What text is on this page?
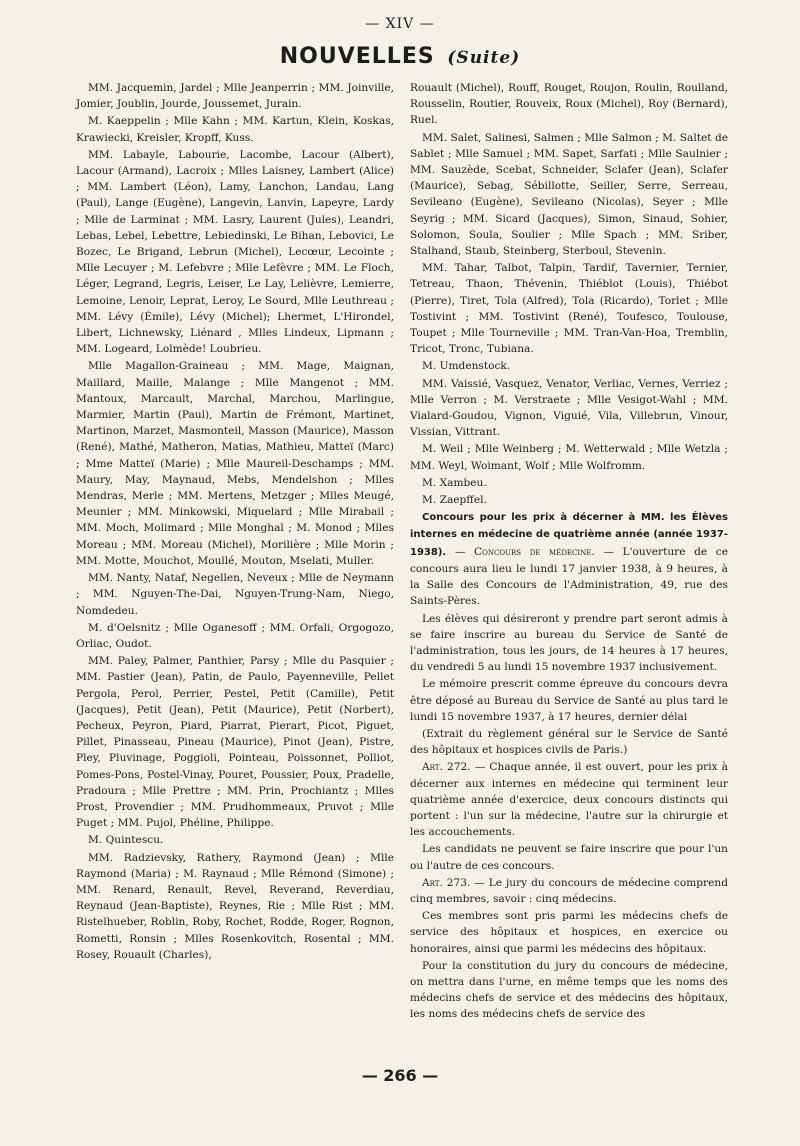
— XIV —
NOUVELLES (Suite)

MM. Jacquemin, Jardel ; Mlle Jeanperrin ; MM. Joinville, Jomier, Joublin, Jourde, Joussemet, Jurain.

M. Kaeppelin ; Mlle Kahn ; MM. Kartun, Klein, Koskas, Krawiecki, Kreisler, Kropff, Kuss.

MM. Labayle, Labourie, Lacombe, Lacour (Albert), Lacour (Armand), Lacroix ; Mlles Laisney, Lambert (Alice) ; MM. Lambert (Léon), Lamy, Lanchon, Landau, Lang (Paul), Lange (Eugène), Langevin, Lanvin, Lapeyre, Lardy ; Mlle de Larminat ; MM. Lasry, Laurent (Jules), Leandri, Lebas, Lebel, Lebettre, Lebiedinski, Le Bihan, Lebovici, Le Bozec, Le Brigand, Lebrun (Michel), Lecœur, Lecointe ; Mlle Lecuyer ; M. Lefebvre ; Mlle Lefèvre ; MM. Le Floch, Léger, Legrand, Legris, Leiser, Le Lay, Lelièvre, Lemierre, Lemoine, Lenoir, Leprat, Leroy, Le Sourd, Mlle Leuthreau ; MM. Lévy (Émile), Lévy (Michel); Lhermet, L'Hirondel, Libert, Lichnewsky, Liénard , Mlles Lindeux, Lipmann ; MM. Logeard, Lolmède! Loubrieu.

Mlle Magallon-Graineau ; MM. Mage, Maignan, Maillard, Maille, Malange ; Mlle Mangenot ; MM. Mantoux, Marcault, Marchal, Marchou, Marlingue, Marmier, Martin (Paul), Martin de Frémont, Martinet, Martinon, Marzet, Masmonteil, Masson (Maurice), Masson (René), Mathé, Matheron, Matias, Mathieu, Matteï (Marc) ; Mme Matteï (Marie) ; Mlle Maureil-Deschamps ; MM. Maury, May, Maynaud, Mebs, Mendelshon ; Mlles Mendras, Merle ; MM. Mertens, Metzger ; Mlles Meugé, Meunier ; MM. Minkowski, Miquelard ; Mlle Mirabail ; MM. Moch, Molimard ; Mlle Monghal ; M. Monod ; Mlles Moreau ; MM. Moreau (Michel), Morilière ; Mlle Morin ; MM. Motte, Mouchot, Moullé, Mouton, Mselati, Muller.

MM. Nanty, Nataf, Negellen, Neveux ; Mlle de Neymann ; MM. Nguyen-The-Dai, Nguyen-Trung-Nam, Niego, Nomdedeu.

M. d'Oelsnitz ; Mlle Oganesoff ; MM. Orfali, Orgogozo, Orliac, Oudot.

MM. Paley, Palmer, Panthier, Parsy ; Mlle du Pasquier ; MM. Pastier (Jean), Patin, de Paulo, Payenneville, Pellet Pergola, Perol, Perrier, Pestel, Petit (Camille), Petit (Jacques), Petit (Jean), Petit (Maurice), Petit (Norbert), Pecheux, Peyron, Piard, Piarrat, Pierart, Picot, Piguet, Pillet, Pinasseau, Pineau (Maurice), Pinot (Jean), Pistre, Pley, Pluvinage, Poggioli, Pointeau, Poissonnet, Polliot, Pomes-Pons, Postel-Vinay, Pouret, Poussier, Poux, Pradelle, Pradoura ; Mlle Prettre ; MM. Prin, Prochiantz ; Mlles Prost, Provendier ; MM. Prudhommeaux, Pruvot ; Mlle Puget ; MM. Pujol, Phéline, Philippe.

M. Quintescu.

MM. Radzievsky, Rathery, Raymond (Jean) ; Mlle Raymond (Maria) ; M. Raynaud ; Mlle Rémond (Simone) ; MM. Renard, Renault, Revel, Reverand, Reverdiau, Reynaud (Jean-Baptiste), Reynes, Rie ; Mlle Rist ; MM. Ristelhueber, Roblin, Roby, Rochet, Rodde, Roger, Rognon, Rometti, Ronsin ; Mlles Rosenkovitch, Rosental ; MM. Rosey, Rouault (Charles),

Rouault (Michel), Rouff, Rouget, Roujon, Roulin, Roulland, Rousselin, Routier, Rouveix, Roux (Michel), Roy (Bernard), Ruel.

MM. Salet, Salinesi, Salmen ; Mlle Salmon ; M. Saltet de Sablet ; Mlle Samuel ; MM. Sapet, Sarfati ; Mlle Saulnier ; MM. Sauzède, Scebat, Schneider, Sclafer (Jean), Sclafer (Maurice), Sebag, Sébillotte, Seiller, Serre, Serreau, Sevileano (Eugène), Sevileano (Nicolas), Seyer ; Mlle Seyrig ; MM. Sicard (Jacques), Simon, Sinaud, Sohier, Solomon, Soula, Soulier ; Mlle Spach ; MM. Sriber, Stalhand, Staub, Steinberg, Sterboul, Stevenin.

MM. Tahar, Talbot, Talpin, Tardif, Tavernier, Ternier, Tetreau, Thaon, Thévenin, Thiéblot (Louis), Thiébot (Pierre), Tiret, Tola (Alfred), Tola (Ricardo), Torlet ; Mlle Tostivint ; MM. Tostivint (René), Toufesco, Toulouse, Toupet ; Mlle Tourneville ; MM. Tran-Van-Hoa, Tremblin, Tricot, Tronc, Tubiana.

M. Umdenstock.

MM. Vaissié, Vasquez, Venator, Verliac, Vernes, Verriez ; Mlle Verron ; M. Verstraete ; Mlle Vesigot-Wahl ; MM. Vialard-Goudou, Vignon, Viguié, Vila, Villebrun, Vinour, Vissian, Vittrant.

M. Weil ; Mlle Weinberg ; M. Wetterwald ; Mlle Wetzla ; MM. Weyl, Woimant, Wolf ; Mlle Wolfromm.

M. Xambeu.

M. Zaepffel.

Concours pour les prix à décerner à MM. les Élèves internes en médecine de quatrième année (année 1937-1938). — Concours de médecine. — L'ouverture de ce concours aura lieu le lundi 17 janvier 1938, à 9 heures, à la Salle des Concours de l'Administration, 49, rue des Saints-Pères.

Les élèves qui désireront y prendre part seront admis à se faire inscrire au bureau du Service de Santé de l'administration, tous les jours, de 14 heures à 17 heures, du vendredi 5 au lundi 15 novembre 1937 inclusivement.

Le mémoire prescrit comme épreuve du concours devra être déposé au Bureau du Service de Santé au plus tard le lundi 15 novembre 1937, à 17 heures, dernier délai

(Extrait du règlement général sur le Service de Santé des hôpitaux et hospices civils de Paris.)

Art. 272. — Chaque année, il est ouvert, pour les prix à décerner aux internes en médecine qui terminent leur quatrième année d'exercice, deux concours distincts qui portent : l'un sur la médecine, l'autre sur la chirurgie et les accouchements.

Les candidats ne peuvent se faire inscrire que pour l'un ou l'autre de ces concours.

Art. 273. — Le jury du concours de médecine comprend cinq membres, savoir : cinq médecins.

Ces membres sont pris parmi les médecins chefs de service des hôpitaux et hospices, en exercice ou honoraires, ainsi que parmi les médecins des hôpitaux.

Pour la constitution du jury du concours de médecine, on mettra dans l'urne, en même temps que les noms des médecins chefs de service et des médecins des hôpitaux, les noms des médecins chefs de service des

— 266 —
